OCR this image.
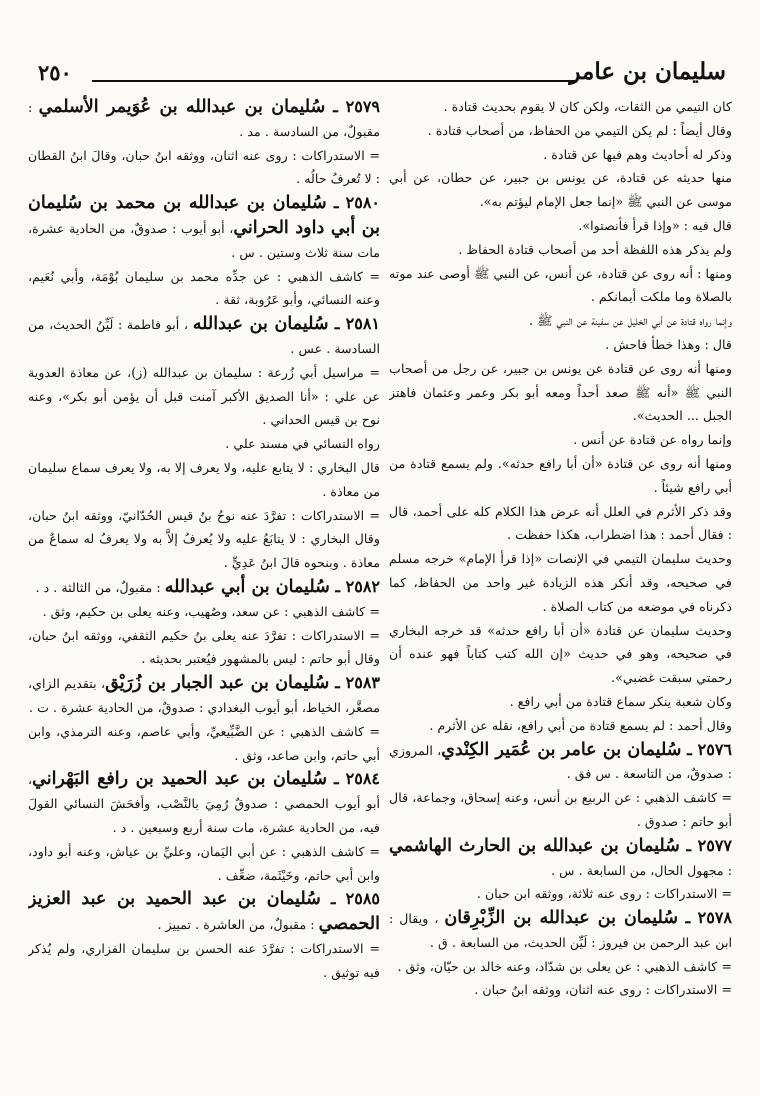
سليمان بن عامر
٢٥٠
كان التيمي من الثقات، ولكن كان لا يقوم بحديث قتادة .
وقال أيضاً : لم يكن التيمي من الحفاظ، من أصحاب قتادة .
وذكر له أحاديث وهم فيها عن قتادة .
منها حديثه عن قتادة، عن يونس بن جبير، عن حطان، عن أبي موسى عن النبي ﷺ «إنما جعل الإمام ليؤتم به».
قال فيه : «وإذا قرأ فأنصتوا».
ولم يذكر هذه اللفظة أحد من أصحاب قتادة الحفاظ .
ومنها : أنه روى عن قتادة، عن أنس، عن النبي ﷺ أوصى عند موته بالصلاة وما ملكت أيمانكم .
وإنما رواه قتادة عن أبي الخليل عن سفينة عن النبي ﷺ .
قال : وهذا خطأ فاحش .
ومنها أنه روى عن قتادة عن يونس بن جبير، عن رجل من أصحاب النبي ﷺ «أنه ﷺ صعد أحداً ومعه أبو بكر وعمر وعثمان فاهتز الجبل ... الحديث».
وإنما رواه عن قتادة عن أنس .
ومنها أنه روى عن قتادة «أن أبا رافع حدثه». ولم يسمع قتادة من أبي رافع شيئاً .
وقد ذكر الأثرم في العلل أنه عرض هذا الكلام كله على أحمد، قال : فقال أحمد : هذا اضطراب، هكذا حفظت .
وحديث سليمان التيمي في الإنصات «إذا قرأ الإمام» خرجه مسلم في صحيحه، وقد أنكر هذه الزيادة غير واحد من الحفاظ، كما ذكرناه في موضعه من كتاب الصلاة .
وحديث سليمان عن قتادة «أن أبا رافع حدثه» قد خرجه البخاري في صحيحه، وهو في حديث «إن الله كتب كتاباً فهو عنده أن رحمتي سبقت غضبي».
وكان شعبة ينكر سماع قتادة من أبي رافع .
وقال أحمد : لم يسمع قتادة من أبي رافع، نقله عن الأثرم .
٢٥٧٦ ـ سُليمان بن عامر بن عُمَير الكِنْدي، المروزي : صدوقٌ، من التاسعة . س فق .
= كاشف الذهبي : عن الربيع بن أنس، وعنه إسحاق، وجماعة، قال أبو حاتم : صدوق .
٢٥٧٧ ـ سُليمان بن عبدالله بن الحارث الهاشمي : مجهول الحال، من السابعة . س .
= الاستدراكات : روى عنه ثلاثة، ووثقه ابن حبان .
٢٥٧٨ ـ سُليمان بن عبدالله بن الزِّبْرِقان ، ويقال : ابن عبد الرحمن بن فيروز : لَيِّن الحديث، من السابعة . ق .
= كاشف الذهبي : عن يعلى بن شدّاد، وعنه خالد بن حيّان، وثق .
= الاستدراكات : روى عنه اثنان، ووثقه ابنُ حبان .
٢٥٧٩ ـ سُليمان بن عبدالله بن عُوَيمر الأسلمي : مقبولٌ، من السادسة . مد .
= الاستدراكات : روى عنه اثنان، ووثقه ابنُ حبان، وقالَ ابنُ القطان : لا تُعرفُ حالُه .
٢٥٨٠ ـ سُليمان بن عبدالله بن محمد بن سُليمان بن أبي داود الحراني، أبو أيوب : صدوقٌ، من الحادية عشرة، مات سنة ثلاث وستين . س .
= كاشف الذهبي : عن جدِّه محمد بن سليمان بُوْمَة، وأبي نُعَيم، وعنه النسائي، وأبو عَرُوبة، ثقة .
٢٥٨١ ـ سُليمان بن عبدالله ، أبو فاطمة : لَيِّنُ الحديث، من السادسة . عس .
= مراسيل أبي زُرعة : سليمان بن عبدالله (ز)، عن معاذة العدوية عن علي : «أنا الصديق الأكبر آمنت قبل أن يؤمن أبو بكر»، وعنه نوح بن قيس الحداني .
رواه النسائي في مسند علي .
قال البخاري : لا يتابع عليه، ولا يعرف إلا به، ولا يعرف سماع سليمان من معاذة .
= الاستدراكات : تفرَّدَ عنه نوحُ بنُ قيس الحُدّانيّ، ووثقه ابنُ حبان، وقال البخاري : لا يتابَعُ عليه ولا يُعرفُ إلاَّ به ولا يعرفُ له سماعٌ من معاذة . وبنحوه قالَ ابنُ عَدِيٍّ .
٢٥٨٢ ـ سُليمان بن أبي عبدالله : مقبولٌ، من الثالثة . د .
= كاشف الذهبي : عن سعد، وصُهيب، وعنه يعلى بن حكيم، وثق .
= الاستدراكات : تفرَّدَ عنه يعلى بنُ حكيم الثقفي، ووثقه ابنُ حبان، وقال أبو حاتم : ليس بالمشهور فيُعتبر بحديثه .
٢٥٨٣ ـ سُليمان بن عبد الجبار بن زُرَيْق، بتقديم الزاي، مصغَّر، الخياط، أبو أيوب البغدادي : صدوقٌ، من الحادية عشرة . ت .
= كاشف الذهبي : عن الضَّبِّيعيِّ، وأبي عاصم، وعنه الترمذي، وابن أبي حاتم، وابن صاعد، وثق .
٢٥٨٤ ـ سُليمان بن عبد الحميد بن رافع البَهْراني، أبو أيوب الحمصي : صدوقٌ رُمِيَ بالنَّصْب، وأفحَشَ النسائي القولَ فيه، من الحادية عشرة، مات سنة أربع وسبعين . د .
= كاشف الذهبي : عن أبي اليَمان، وعليِّ بن عياش، وعنه أبو داود، وابن أبي حاتم، وخَيْثَمة، ضعِّف .
٢٥٨٥ ـ سُليمان بن عبد الحميد بن عبد العزيز الحمصي : مقبولٌ، من العاشرة . تمييز .
= الاستدراكات : تفرَّدَ عنه الحسن بن سليمان الفزاري، ولم يُذكر فيه توثيق .
